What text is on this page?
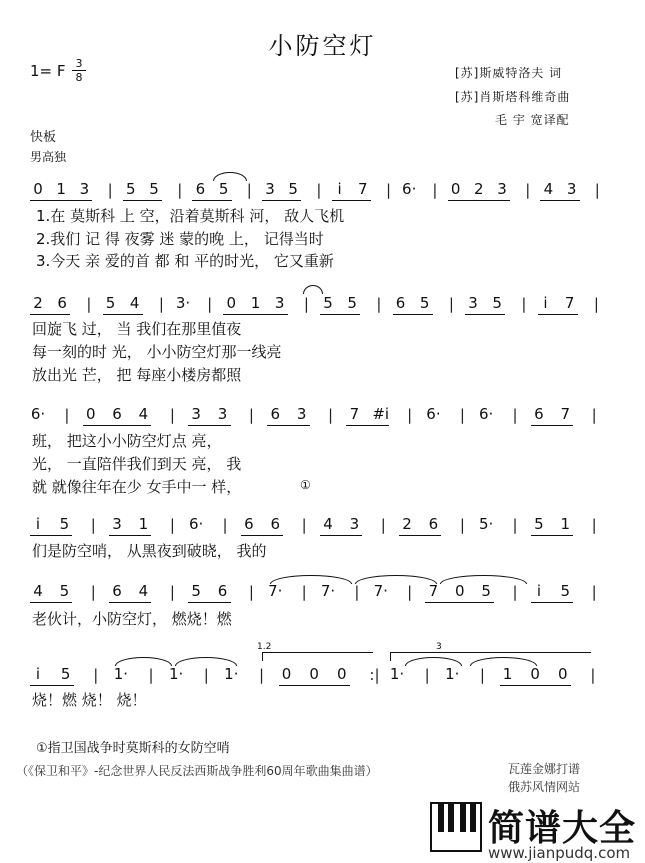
小防空灯
1= F 3
8	[苏]斯威特洛夫 词
[苏]肖斯塔科维奇曲
毛 宇 宽译配
快板
男高独
0 1 3 | 5 5 | 6 5 | 3 5 | i 7 | 6· | 0 2 3 | 4 3 |
2 6 | 5 4 | 3· | 0 1 3 | 5 5 | 6 5 | 3 5 | i 7 |
6· | 0 6 4 | 3 3 | 6 3 | 7 #i | 6· | 6· | 6 7 |
i 5 | 3 1 | 6· | 6 6 | 4 3 | 2 6 | 5· | 5 1 |
4 5 | 6 4 | 5 6 | 7· | 7· | 7· | 7 0 5 | i 5 |
i 5 | 1· | 1· | 1· | 0 0 0 :| 1· | 1· | 1 0 0 |
1.在 莫斯科 上 空，沿着莫斯科 河， 敌人飞机
2.我们 记 得 夜雾 迷 蒙的晚 上， 记得当时
3.今天 亲 爱的首 都 和 平的时光， 它又重新
回旋飞 过， 当 我们在那里值夜
每一刻的时 光， 小小防空灯那一线亮
放出光 芒， 把 每座小楼房都照
班， 把这小小防空灯点 亮，
光， 一直陪伴我们到天 亮， 我
就 就像往年在少 女手中一 样，
们是防空哨， 从黑夜到破晓， 我的
老伙计，小防空灯， 燃烧！燃
烧！燃 烧！ 烧！
1.2	3
①
①指卫国战争时莫斯科的女防空哨
（《保卫和平》-纪念世界人民反法西斯战争胜利60周年歌曲集曲谱）	瓦莲金娜打谱
俄苏风情网站
简谱大全
www.jianpudq.com
